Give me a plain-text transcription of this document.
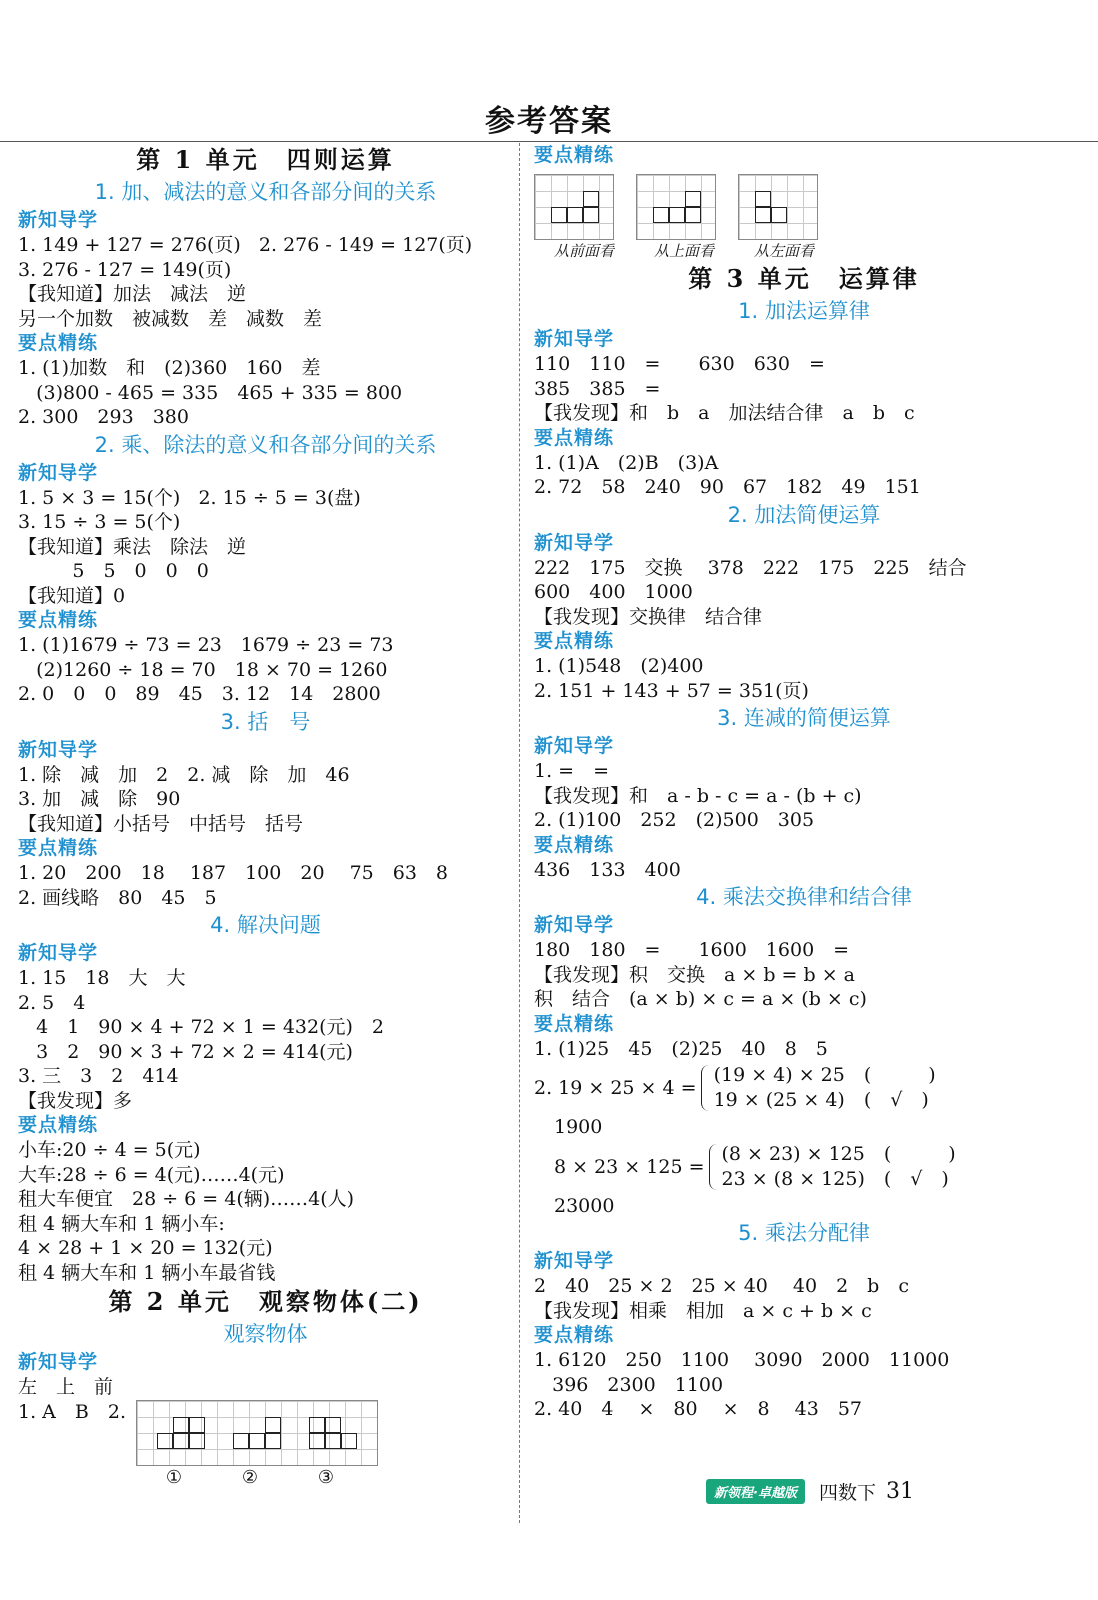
参考答案
第 1 单元　四则运算
1. 加、减法的意义和各部分间的关系
新知导学
1. 149 + 127 = 276(页)   2. 276 - 149 = 127(页)
3. 276 - 127 = 149(页)
【我知道】加法　减法　逆
另一个加数　被减数　差　减数　差
要点精练
1. (1)加数　和　(2)360　160　差
(3)800 - 465 = 335　465 + 335 = 800
2. 300　293　380
2. 乘、除法的意义和各部分间的关系
新知导学
1. 5 × 3 = 15(个)   2. 15 ÷ 5 = 3(盘)
3. 15 ÷ 3 = 5(个)
【我知道】乘法　除法　逆
5　5　0　0　0
【我知道】0
要点精练
1. (1)1679 ÷ 73 = 23　1679 ÷ 23 = 73
(2)1260 ÷ 18 = 70　18 × 70 = 1260
2. 0　0　0　89　45　3. 12　14　2800
3. 括　号
新知导学
1. 除　减　加　2　2. 减　除　加　46
3. 加　减　除　90
【我知道】小括号　中括号　括号
要点精练
1. 20　200　18　 187　100　20　 75　63　8
2. 画线略　80　45　5
4. 解决问题
新知导学
1. 15　18　大　大
2. 5　4
4　1　90 × 4 + 72 × 1 = 432(元)　2
3　2　90 × 3 + 72 × 2 = 414(元)
3. 三　3　2　414
【我发现】多
要点精练
小车:20 ÷ 4 = 5(元)
大车:28 ÷ 6 = 4(元)……4(元)
租大车便宜　28 ÷ 6 = 4(辆)……4(人)
租 4 辆大车和 1 辆小车:
4 × 28 + 1 × 20 = 132(元)
租 4 辆大车和 1 辆小车最省钱
第 2 单元　观察物体(二)
观察物体
新知导学
左　上　前
1. A　B　2.
①	②	③
要点精练
从前面看	从上面看	从左面看
第 3 单元　运算律
1. 加法运算律
新知导学
110　110　=　　630　630　=
385　385　=
【我发现】和　b　a　加法结合律　a　b　c
要点精练
1. (1)A　(2)B　(3)A
2. 72　58　240　90　67　182　49　151
2. 加法简便运算
新知导学
222　175　交换　 378　222　175　225　结合
600　400　1000
【我发现】交换律　结合律
要点精练
1. (1)548　(2)400
2. 151 + 143 + 57 = 351(页)
3. 连减的简便运算
新知导学
1. =　=
【我发现】和　a - b - c = a - (b + c)
2. (1)100　252　(2)500　305
要点精练
436　133　400
4. 乘法交换律和结合律
新知导学
180　180　=　　1600　1600　=
【我发现】积　交换　a × b = b × a
积　结合　(a × b) × c = a × (b × c)
要点精练
1. (1)25　45　(2)25　40　8　5
2. 19 × 25 × 4 =
(19 × 4) × 25　(　　　)
19 × (25 × 4)　(　√　)
1900
8 × 23 × 125 =
(8 × 23) × 125　(　　　)
23 × (8 × 125)　(　√　)
23000
5. 乘法分配律
新知导学
2　40　25 × 2　25 × 40　 40　2　b　c
【我发现】相乘　相加　a × c + b × c
要点精练
1. 6120　250　1100　 3090　2000　11000
396　2300　1100
2. 40　4　 ×　80　 ×　8　 43　57
新领程·卓越版	四数下 31
